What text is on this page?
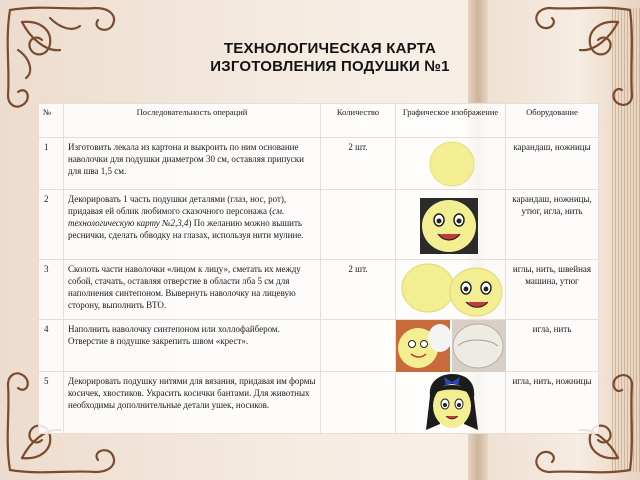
ТЕХНОЛОГИЧЕСКАЯ КАРТА
ИЗГОТОВЛЕНИЯ ПОДУШКИ №1
№	Последовательность операций	Количество	Графическое изображение	Оборудование
1	Изготовить лекала из картона и выкроить по ним основание наволочки для подушки диаметром 30 см, оставляя припуски для шва 1,5 см.	2 шт.		карандаш, ножницы
2	Декорировать 1 часть подушки деталями (глаз, нос, рот), придавая ей облик любимого сказочного персонажа (см. технологическую карту №2,3,4) По желанию можно вышить реснички, сделать обводку на глазах, используя нити мулине.			карандаш, ножницы, утюг, игла, нить
3	Сколоть части наволочки «лицом к лицу», сметать их между собой, стачать, оставляя отверстие в области лба 5 см для наполнения синтепоном. Вывернуть наволочку на лицевую сторону, выполнить ВТО.	2 шт.		иглы, нить, швейная машина, утюг
4	Наполнить наволочку синтепоном или холлофайбером. Отверстие в подушке закрепить швом «крест».			игла, нить
5	Декорировать подушку нитями для вязания, придавая им формы косичек, хвостиков. Украсить косички бантами. Для животных необходимы дополнительные детали ушек, носиков.			игла, нить, ножницы
